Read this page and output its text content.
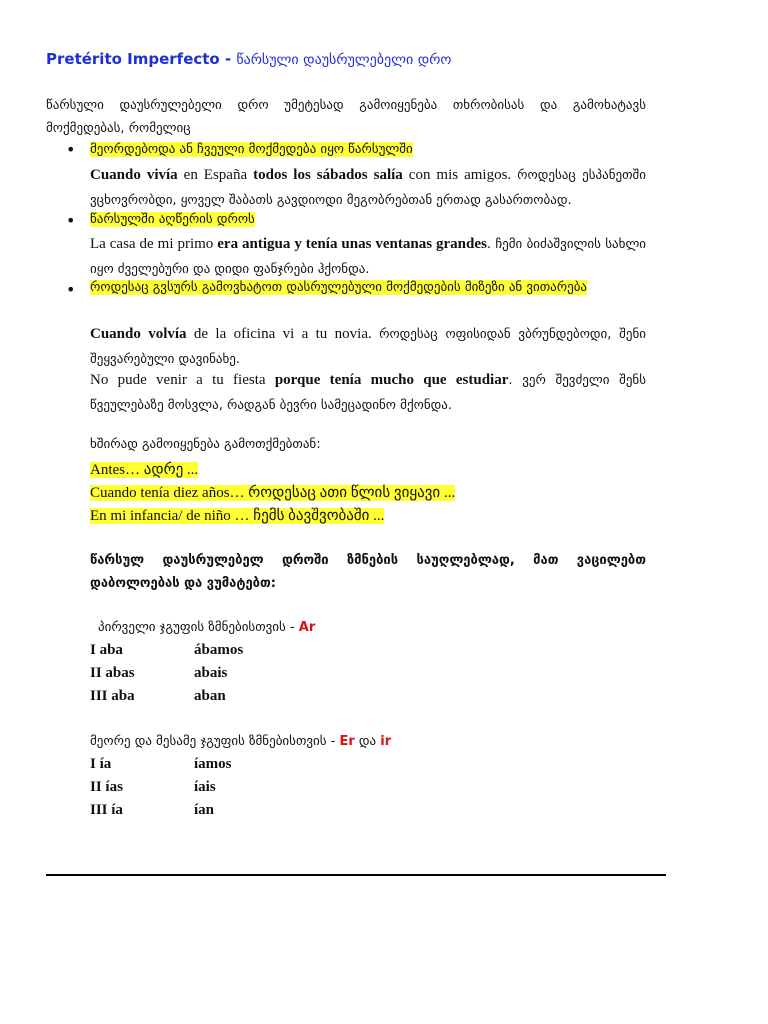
Pretérito Imperfecto - წარსული დაუსრულებელი დრო
წარსული დაუსრულებელი დრო უმეტესად გამოიყენება თხრობისას და გამოხატავს მოქმედებას, რომელიც
•
მეორდებოდა ან ჩვეული მოქმედება იყო წარსულში
Cuando vivía en España todos los sábados salía con mis amigos. როდესაც ესპანეთში ვცხოვრობდი, ყოველ შაბათს გავდიოდი მეგობრებთან ერთად გასართობად.
•
წარსულში აღწერის დროს
La casa de mi primo era antigua y tenía unas ventanas grandes. ჩემი ბიძაშვილის სახლი იყო ძველებური და დიდი ფანჯრები ჰქონდა.
•
როდესაც გვსურს გამოვხატოთ დასრულებული მოქმედების მიზეზი ან ვითარება
Cuando volvía de la oficina vi a tu novia. როდესაც ოფისიდან ვბრუნდებოდი, შენი შეყვარებული დავინახე.
No pude venir a tu fiesta porque tenía mucho que estudiar. ვერ შევძელი შენს წვეულებაზე მოსვლა, რადგან ბევრი სამეცადინო მქონდა.
ხშირად გამოიყენება გამოთქმებთან:
Antes… ადრე ...
Cuando tenía diez años… როდესაც ათი წლის ვიყავი ...
En mi infancia/ de niño … ჩემს ბავშვობაში ...
წარსულ დაუსრულებელ დროში ზმნების საუღლებლად, მათ ვაცილებთ დაბოლოებას და ვუმატებთ:
პირველი ჯგუფის ზმნებისთვის - Ar
I aba	ábamos
II abas	abais
III aba	aban
მეორე და მესამე ჯგუფის ზმნებისთვის - Er და ir
I ía	íamos
II ías	íais
III ía	ían
